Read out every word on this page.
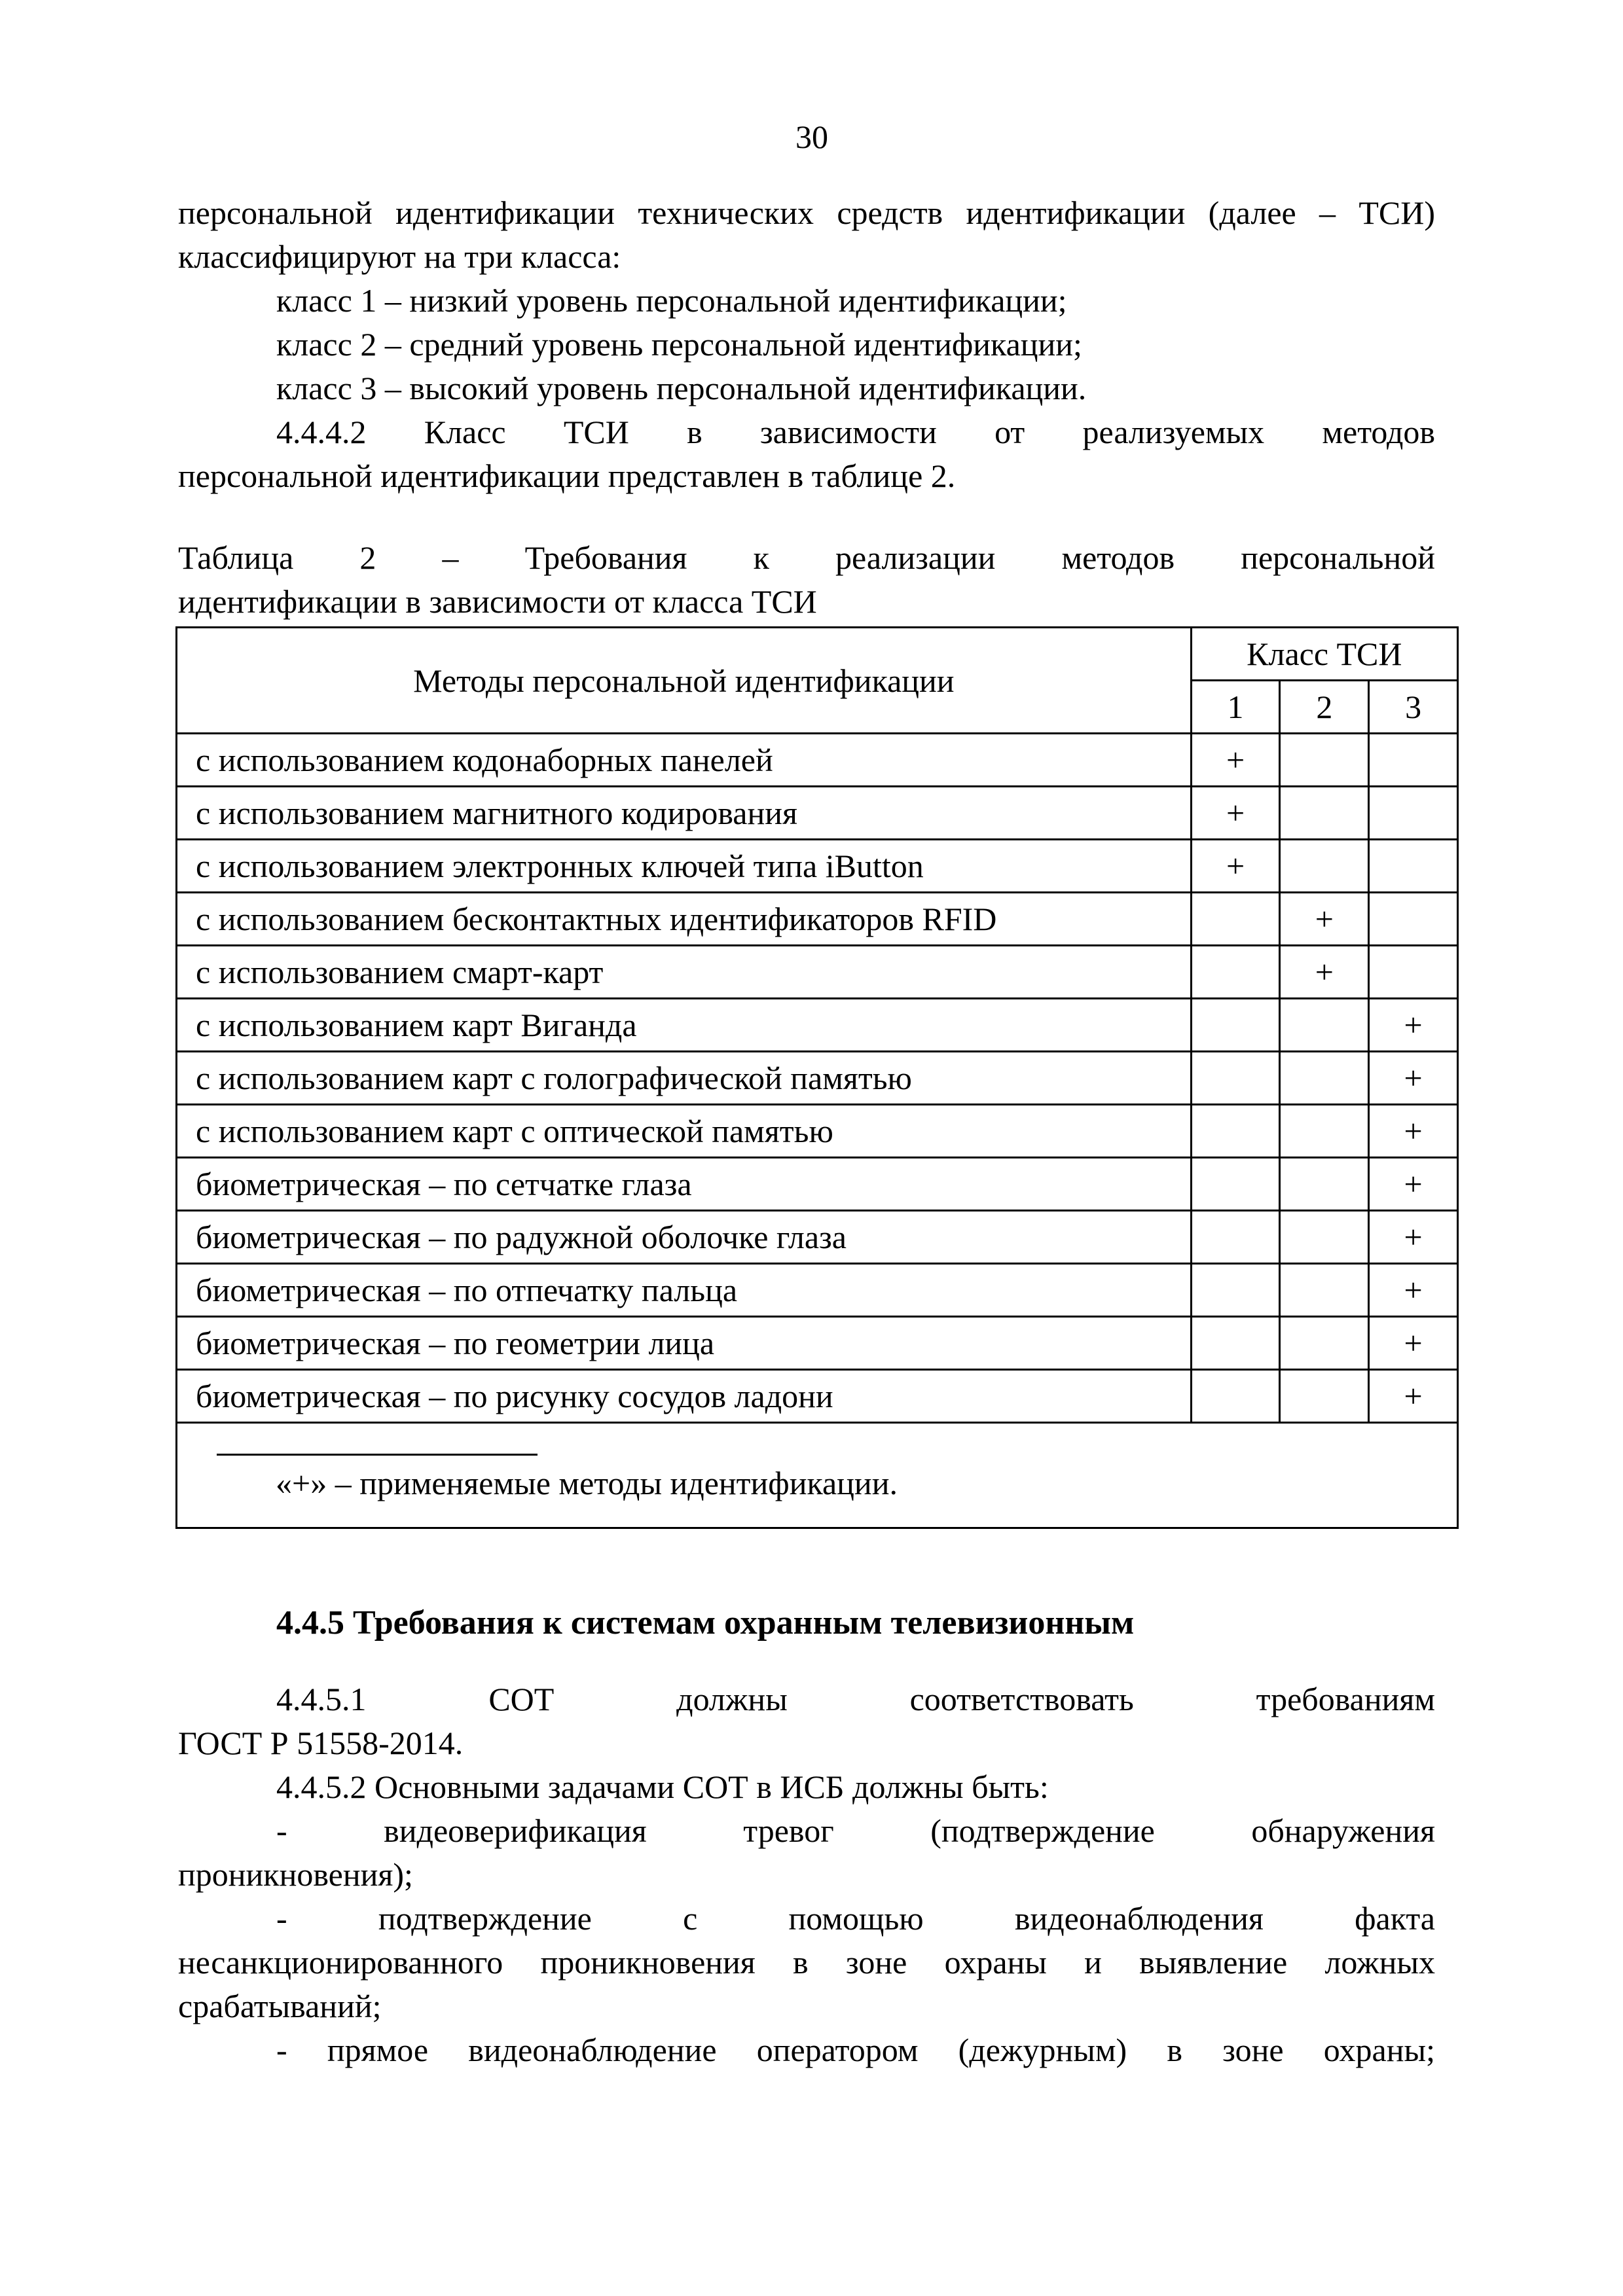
30

персональной идентификации технических средств идентификации (далее – ТСИ) классифицируют на три класса:

класс 1 – низкий уровень персональной идентификации;

класс 2 – средний уровень персональной идентификации;

класс 3 – высокий уровень персональной идентификации.

4.4.4.2 Класс ТСИ в зависимости от реализуемых методов

персональной идентификации представлен в таблице 2.

Таблица 2 – Требования к реализации методов персональной
идентификации в зависимости от класса ТСИ
Методы персональной идентификации	Класс ТСИ		
	1	2	3
с использованием кодонаборных панелей	+		
с использованием магнитного кодирования	+		
с использованием электронных ключей типа iButton	+		
с использованием бесконтактных идентификаторов RFID		+	
с использованием смарт-карт		+	
с использованием карт Виганда			+
с использованием карт с голографической памятью			+
с использованием карт с оптической памятью			+
биометрическая – по сетчатке глаза			+
биометрическая – по радужной оболочке глаза			+
биометрическая – по отпечатку пальца			+
биометрическая – по геометрии лица			+
биометрическая – по рисунку сосудов ладони			+

«+» – применяемые методы идентификации.			
4.4.5 Требования к системам охранным телевизионным

4.4.5.1 СОТ должны соответствовать требованиям

ГОСТ Р 51558-2014.

4.4.5.2 Основными задачами СОТ в ИСБ должны быть:

- видеоверификация тревог (подтверждение обнаружения

проникновения);

- подтверждение с помощью видеонаблюдения факта

несанкционированного проникновения в зоне охраны и выявление ложных

срабатываний;

- прямое видеонаблюдение оператором (дежурным) в зоне охраны;
